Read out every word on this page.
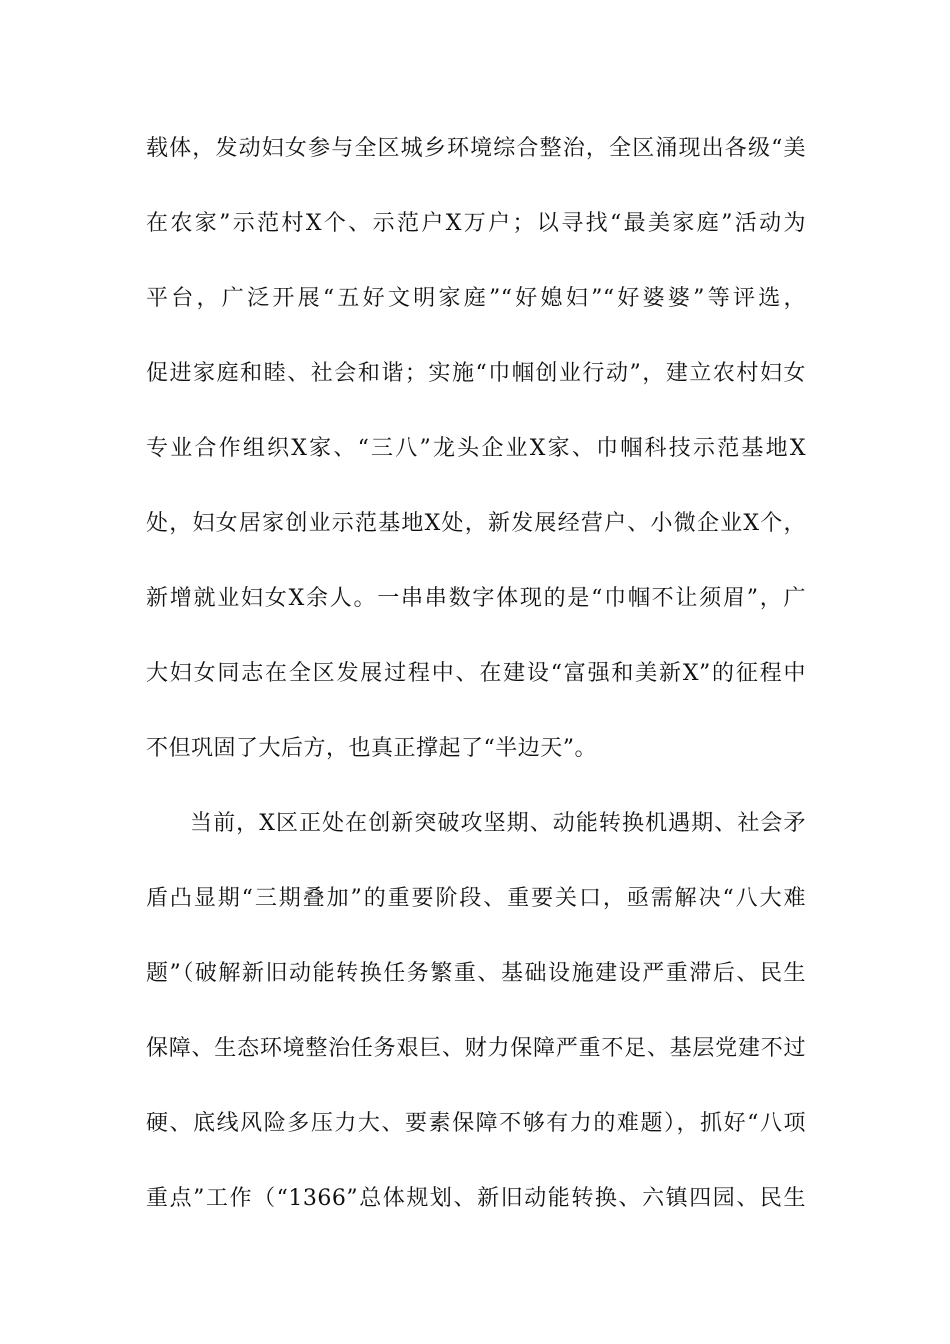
载体，发动妇女参与全区城乡环境综合整治，全区涌现出各级“美
在农家”示范村X个、示范户X万户；以寻找“最美家庭”活动为
平台，广泛开展“五好文明家庭”“好媳妇”“好婆婆”等评选，
促进家庭和睦、社会和谐；实施“巾帼创业行动”，建立农村妇女
专业合作组织X家、“三八”龙头企业X家、巾帼科技示范基地X
处，妇女居家创业示范基地X处，新发展经营户、小微企业X个，
新增就业妇女X余人。一串串数字体现的是“巾帼不让须眉”，广
大妇女同志在全区发展过程中、在建设“富强和美新X”的征程中
不但巩固了大后方，也真正撑起了“半边天”。
当前，X区正处在创新突破攻坚期、动能转换机遇期、社会矛
盾凸显期“三期叠加”的重要阶段、重要关口，亟需解决“八大难
题”（破解新旧动能转换任务繁重、基础设施建设严重滞后、民生
保障、生态环境整治任务艰巨、财力保障严重不足、基层党建不过
硬、底线风险多压力大、要素保障不够有力的难题），抓好“八项
重点”工作（“1366”总体规划、新旧动能转换、六镇四园、民生
